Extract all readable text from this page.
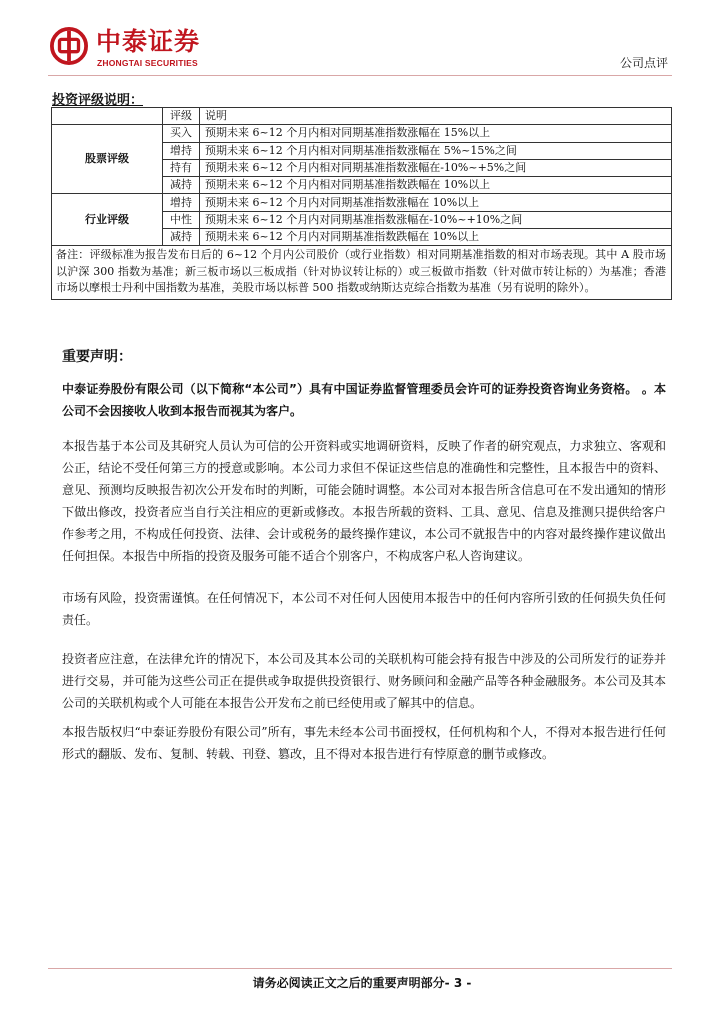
中泰证券
ZHONGTAI SECURITIES	公司点评
投资评级说明：
	评级	说明
股票评级	买入	预期未来 6~12 个月内相对同期基准指数涨幅在 15%以上
	增持	预期未来 6~12 个月内相对同期基准指数涨幅在 5%~15%之间
	持有	预期未来 6~12 个月内相对同期基准指数涨幅在-10%~+5%之间
	减持	预期未来 6~12 个月内相对同期基准指数跌幅在 10%以上
行业评级	增持	预期未来 6~12 个月内对同期基准指数涨幅在 10%以上
	中性	预期未来 6~12 个月内对同期基准指数涨幅在-10%~+10%之间
	减持	预期未来 6~12 个月内对同期基准指数跌幅在 10%以上
备注：评级标准为报告发布日后的 6~12 个月内公司股价（或行业指数）相对同期基准指数的相对市场表现。其中 A 股市场以沪深 300 指数为基准；新三板市场以三板成指（针对协议转让标的）或三板做市指数（针对做市转让标的）为基准；香港市场以摩根士丹利中国指数为基准，美股市场以标普 500 指数或纳斯达克综合指数为基准（另有说明的除外）。		
重要声明：
中泰证券股份有限公司（以下简称“本公司”）具有中国证券监督管理委员会许可的证券投资咨询业务资格。 。本公司不会因接收人收到本报告而视其为客户。
本报告基于本公司及其研究人员认为可信的公开资料或实地调研资料，反映了作者的研究观点，力求独立、客观和公正，结论不受任何第三方的授意或影响。本公司力求但不保证这些信息的准确性和完整性，且本报告中的资料、意见、预测均反映报告初次公开发布时的判断，可能会随时调整。本公司对本报告所含信息可在不发出通知的情形下做出修改，投资者应当自行关注相应的更新或修改。本报告所载的资料、工具、意见、信息及推测只提供给客户作参考之用，不构成任何投资、法律、会计或税务的最终操作建议，本公司不就报告中的内容对最终操作建议做出任何担保。本报告中所指的投资及服务可能不适合个别客户，不构成客户私人咨询建议。
市场有风险，投资需谨慎。在任何情况下，本公司不对任何人因使用本报告中的任何内容所引致的任何损失负任何责任。
投资者应注意，在法律允许的情况下，本公司及其本公司的关联机构可能会持有报告中涉及的公司所发行的证券并进行交易，并可能为这些公司正在提供或争取提供投资银行、财务顾问和金融产品等各种金融服务。本公司及其本公司的关联机构或个人可能在本报告公开发布之前已经使用或了解其中的信息。
本报告版权归“中泰证券股份有限公司”所有，事先未经本公司书面授权，任何机构和个人，不得对本报告进行任何形式的翻版、发布、复制、转载、刊登、篡改，且不得对本报告进行有悖原意的删节或修改。
请务必阅读正文之后的重要声明部分- 3 -
